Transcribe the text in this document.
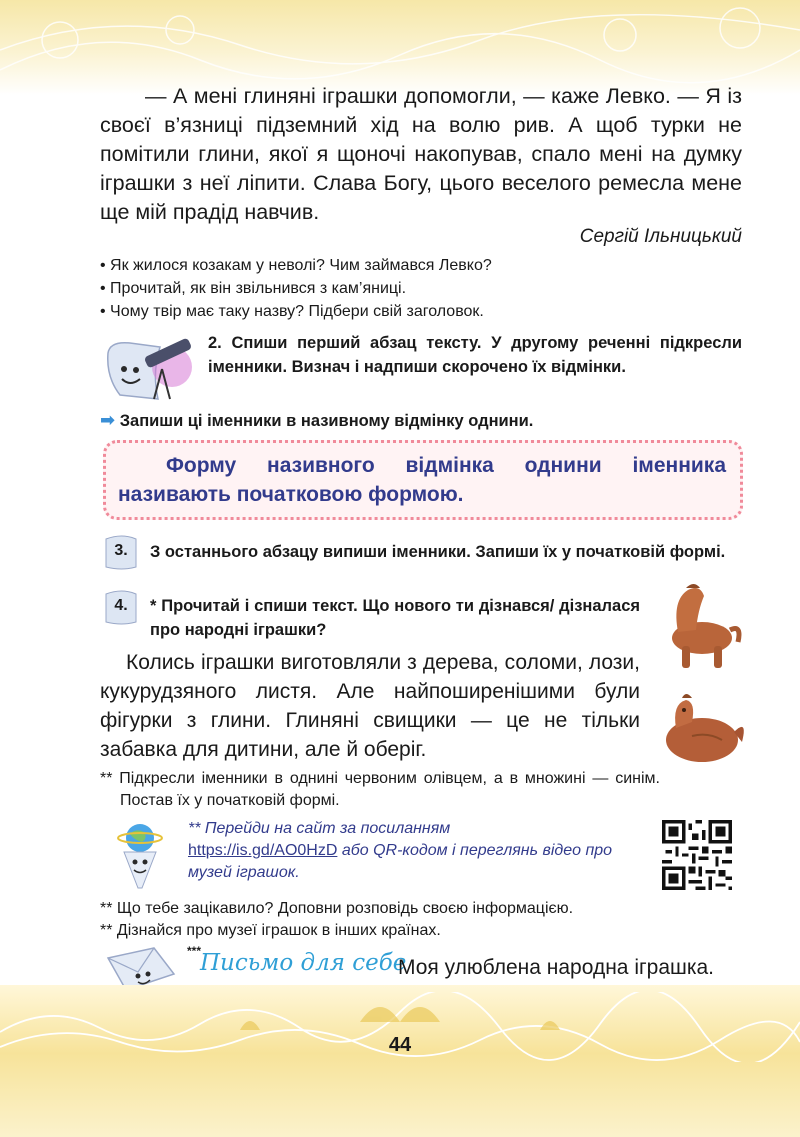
— А мені глиняні іграшки допомогли, — каже Левко. — Я із своєї в’язниці підземний хід на волю рив. А щоб турки не помітили глини, якої я щоночі накопував, спало мені на думку іграшки з неї ліпити. Слава Богу, цього веселого ремесла мене ще мій прадід навчив.
Сергій Ільницький
• Як жилося козакам у неволі? Чим займався Левко?
• Прочитай, як він звільнився з кам’яниці.
• Чому твір має таку назву? Підбери свій заголовок.
2. Спиши перший абзац тексту. У другому реченні підкресли іменники. Визнач і надпиши скорочено їх відмінки.
➡ Запиши ці іменники в називному відмінку однини.
Форму називного відмінка однини іменника називають початковою формою.
3.	З останнього абзацу випиши іменники. Запиши їх у початковій формі.
4.	* Прочитай і спиши текст. Що нового ти дізнався/ дізналася про народні іграшки?
Колись іграшки виготовляли з дерева, соломи, лози, кукурудзяного листя. Але найпоширенішими були фігурки з глини. Глиняні свищики — це не тільки забавка для дитини, але й оберіг.
** Підкресли іменники в однині червоним олівцем, а в множині — синім. Постав їх у початковій формі.
** Перейди на сайт за посиланням
https://is.gd/AO0HzD або QR-кодом і переглянь відео про музей іграшок.
** Що тебе зацікавило? Доповни розповідь своєю інформацією.
** Дізнайся про музеї іграшок в інших країнах.
***
Письмо для себе
Моя улюблена народна іграшка.
44
